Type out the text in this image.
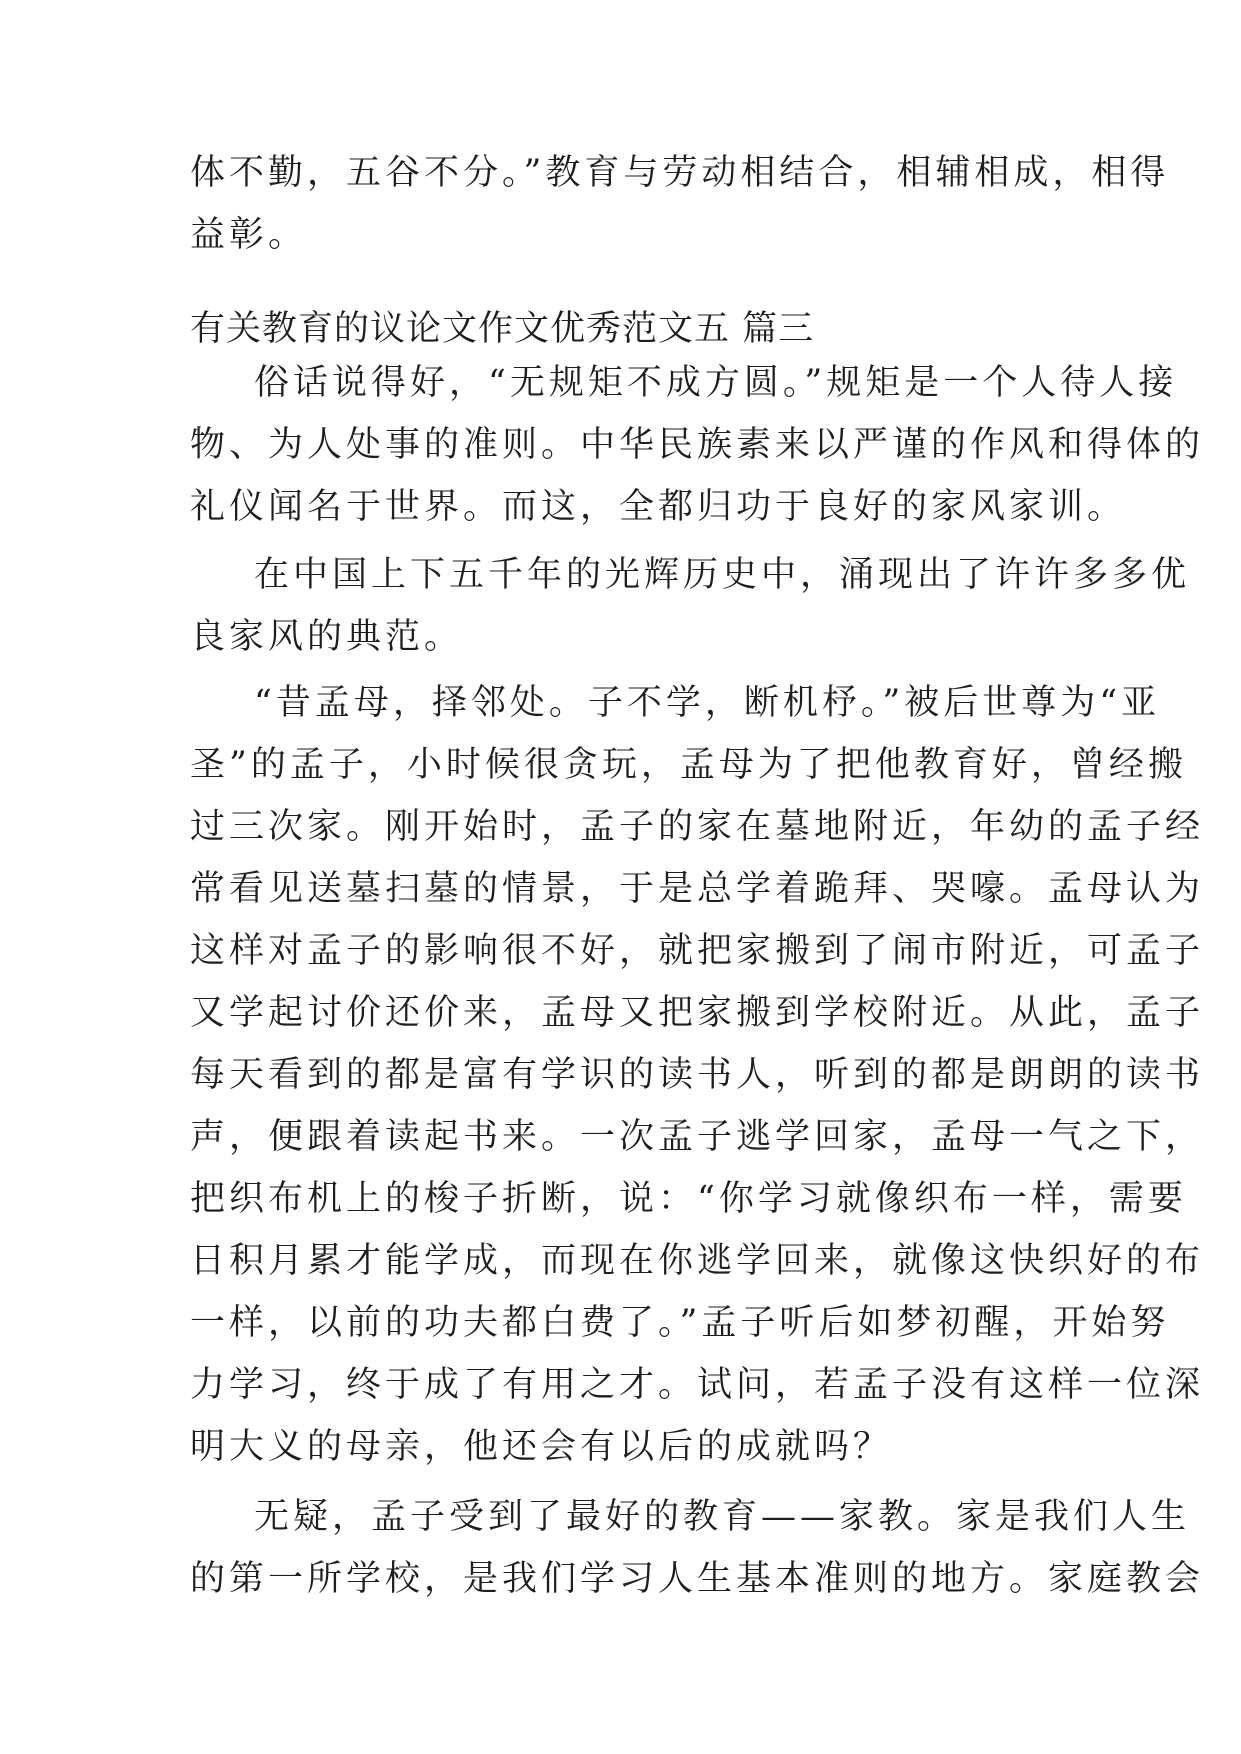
体不勤，五谷不分。”教育与劳动相结合，相辅相成，相得
益彰。
有关教育的议论文作文优秀范文五 篇三
俗话说得好，“无规矩不成方圆。”规矩是一个人待人接
物、为人处事的准则。中华民族素来以严谨的作风和得体的
礼仪闻名于世界。而这，全都归功于良好的家风家训。
在中国上下五千年的光辉历史中，涌现出了许许多多优
良家风的典范。
“昔孟母，择邻处。子不学，断机杼。”被后世尊为“亚
圣”的孟子，小时候很贪玩，孟母为了把他教育好，曾经搬
过三次家。刚开始时，孟子的家在墓地附近，年幼的孟子经
常看见送墓扫墓的情景，于是总学着跪拜、哭嚎。孟母认为
这样对孟子的影响很不好，就把家搬到了闹市附近，可孟子
又学起讨价还价来，孟母又把家搬到学校附近。从此，孟子
每天看到的都是富有学识的读书人，听到的都是朗朗的读书
声，便跟着读起书来。一次孟子逃学回家，孟母一气之下，
把织布机上的梭子折断，说：“你学习就像织布一样，需要
日积月累才能学成，而现在你逃学回来，就像这快织好的布
一样，以前的功夫都白费了。”孟子听后如梦初醒，开始努
力学习，终于成了有用之才。试问，若孟子没有这样一位深
明大义的母亲，他还会有以后的成就吗？
无疑，孟子受到了最好的教育——家教。家是我们人生
的第一所学校，是我们学习人生基本准则的地方。家庭教会
